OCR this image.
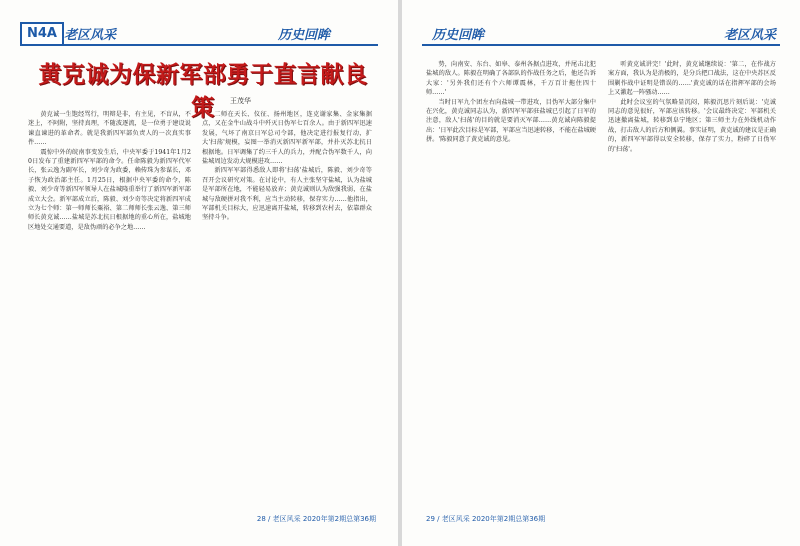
N4A 老区风采	历史回眸
黄克诚为保新军部勇于直言献良策	王茂华

黄克诚一生饱经骂行，明辩是非，有主见，不盲从，不迷上，不阿附，坚持真理，不随波逐流，是一位勇于建设说谏直谏进的革命者。就是我新四军部负责人的一次真实事件……

震惊中外的皖南事变发生后，中央军委于1941年1月20日发布了重建新四军军部的命令。任命陈毅为新四军代军长，张云逸为副军长，刘少奇为政委，赖传珠为参谋长，邓子恢为政治部主任。1月25日，根据中央军委的命令，陈毅、刘少奇等新四军领导人在盐城隆重举行了新四军新军部成立大会。新军部成立后，陈毅、刘少奇等决定将新四军成立为七个师：第一师师长粟裕、第二师师长张云逸、第三师师长黄克诚……盐城是苏北抗日根据地的重心所在，盐城地区地处交通要道，是敌伪顽的必争之地……

二师在天长、仪征、扬州地区，连克谢家集、金家集据点，又在金牛山战斗中歼灭日伪军七百余人。由于新四军迅速发展，气坏了南京日军总司令部，他决定进行报复行动，扩大'扫荡'规模，妄图一举消灭新四军新军部，并扑灭苏北抗日根据地。日军调集了约三千人的兵力，并配合伪军数千人，向盐城周边发动大规模进攻……

新四军军部得悉敌人即将'扫荡'盐城后，陈毅、刘少奇等召开会议研究对策。在讨论中，有人主张坚守盐城，认为盐城是军部所在地，不能轻易放弃；黄克诚则认为敌强我弱，在盐城与敌硬拼对我不利，应当主动转移，保存实力……他指出，军部机关目标大，应迅速离开盐城，转移到农村去，依靠群众坚持斗争。

28 / 老区风采 2020年第2期总第36期
历史回眸	老区风采

势，向南安、东台、如皋、泰州各据点进攻，并尾击北犯盐城的敌人。陈毅在明确了各部队的作战任务之后，他还告诉大家：'另外我们还有个六师谭震林，千万百计拖住四十师……'

当时日军九个团左右向盐城一带进攻，目伪军大部分集中在兴化，黄克诚同志认为，新四军军部驻盐城已引起了日军的注意，敌人'扫荡'的目的就是要消灭军部……黄克诚向陈毅提出：'日军此次目标是军部，军部应当迅速转移，不能在盐城硬拼。'陈毅同意了黄克诚的意见。

听黄克诚讲完！'此时，黄克诚继续说：'第二，在作战方案方面，我认为是消极的，是分兵把口战法，这在中央苏区反围剿作战中证明是错误的……'黄克诚的话在指挥军部的会场上又激起一阵骚动……

此时会议室的气氛略显沉闷，陈毅沉思片刻后说：'克诚同志的意见很好，军部应该转移。'会议最终决定：军部机关迅速撤离盐城，转移到阜宁地区；第三师主力在外线机动作战，打击敌人的后方和侧翼。事实证明，黄克诚的建议是正确的，新四军军部得以安全转移，保存了实力，粉碎了日伪军的'扫荡'。

29 / 老区风采 2020年第2期总第36期
